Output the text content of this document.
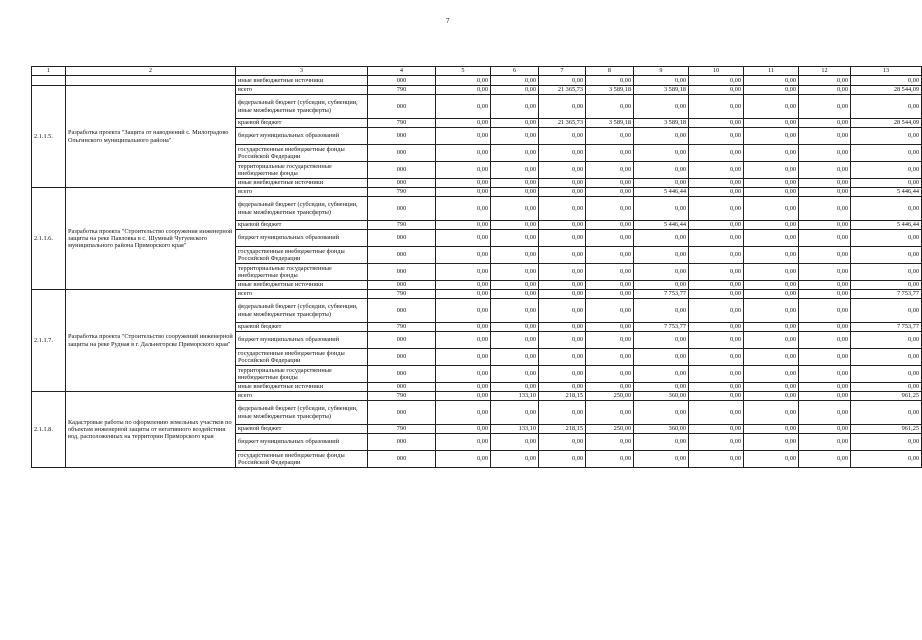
7
1	2	3	4	5	6	7	8	9	10	11	12	13
		иные внебюджетные источники	000	0,00	0,00	0,00	0,00	0,00	0,00	0,00	0,00	0,00
2.1.1.5.	Разработка проекта "Защита от наводнений с. Милоградово Ольгинского муниципального района"	всего	790	0,00	0,00	21 365,73	3 589,18	3 589,18	0,00	0,00	0,00	28 544,09
		федеральный бюджет (субсидии, субвенции, иные межбюджетные трансферты)	000	0,00	0,00	0,00	0,00	0,00	0,00	0,00	0,00	0,00
		краевой бюджет	790	0,00	0,00	21 365,73	3 589,18	3 589,18	0,00	0,00	0,00	28 544,09
		бюджет муниципальных образований	000	0,00	0,00	0,00	0,00	0,00	0,00	0,00	0,00	0,00
		государственные внебюджетные фонды Российской Федерации	000	0,00	0,00	0,00	0,00	0,00	0,00	0,00	0,00	0,00
		территориальные государственные внебюджетные фонды	000	0,00	0,00	0,00	0,00	0,00	0,00	0,00	0,00	0,00
		иные внебюджетные источники	000	0,00	0,00	0,00	0,00	0,00	0,00	0,00	0,00	0,00
2.1.1.6.	Разработка проекта "Строительство сооружения инженерной защиты на реке Павловка в с. Шумный Чугуевского муниципального района Приморского края"	всего	790	0,00	0,00	0,00	0,00	5 446,44	0,00	0,00	0,00	5 446,44
		федеральный бюджет (субсидии, субвенции, иные межбюджетные трансферты)	000	0,00	0,00	0,00	0,00	0,00	0,00	0,00	0,00	0,00
		краевой бюджет	790	0,00	0,00	0,00	0,00	5 446,44	0,00	0,00	0,00	5 446,44
		бюджет муниципальных образований	000	0,00	0,00	0,00	0,00	0,00	0,00	0,00	0,00	0,00
		государственные внебюджетные фонды Российской Федерации	000	0,00	0,00	0,00	0,00	0,00	0,00	0,00	0,00	0,00
		территориальные государственные внебюджетные фонды	000	0,00	0,00	0,00	0,00	0,00	0,00	0,00	0,00	0,00
		иные внебюджетные источники	000	0,00	0,00	0,00	0,00	0,00	0,00	0,00	0,00	0,00
2.1.1.7.	Разработка проекта "Строительство сооружений инженерной защиты на реке Рудная в г. Дальнегорске Приморского края"	всего	790	0,00	0,00	0,00	0,00	7 753,77	0,00	0,00	0,00	7 753,77
		федеральный бюджет (субсидии, субвенции, иные межбюджетные трансферты)	000	0,00	0,00	0,00	0,00	0,00	0,00	0,00	0,00	0,00
		краевой бюджет	790	0,00	0,00	0,00	0,00	7 753,77	0,00	0,00	0,00	7 753,77
		бюджет муниципальных образований	000	0,00	0,00	0,00	0,00	0,00	0,00	0,00	0,00	0,00
		государственные внебюджетные фонды Российской Федерации	000	0,00	0,00	0,00	0,00	0,00	0,00	0,00	0,00	0,00
		территориальные государственные внебюджетные фонды	000	0,00	0,00	0,00	0,00	0,00	0,00	0,00	0,00	0,00
		иные внебюджетные источники	000	0,00	0,00	0,00	0,00	0,00	0,00	0,00	0,00	0,00
2.1.1.8.	Кадастровые работы по оформлению земельных участков по объектам инженерной защиты от негативного воздействия вод, расположенных на территории Приморского края	всего	790	0,00	133,10	218,15	250,00	360,00	0,00	0,00	0,00	961,25
		федеральный бюджет (субсидии, субвенции, иные межбюджетные трансферты)	000	0,00	0,00	0,00	0,00	0,00	0,00	0,00	0,00	0,00
		краевой бюджет	790	0,00	133,10	218,15	250,00	360,00	0,00	0,00	0,00	961,25
		бюджет муниципальных образований	000	0,00	0,00	0,00	0,00	0,00	0,00	0,00	0,00	0,00
		государственные внебюджетные фонды Российской Федерации	000	0,00	0,00	0,00	0,00	0,00	0,00	0,00	0,00	0,00
